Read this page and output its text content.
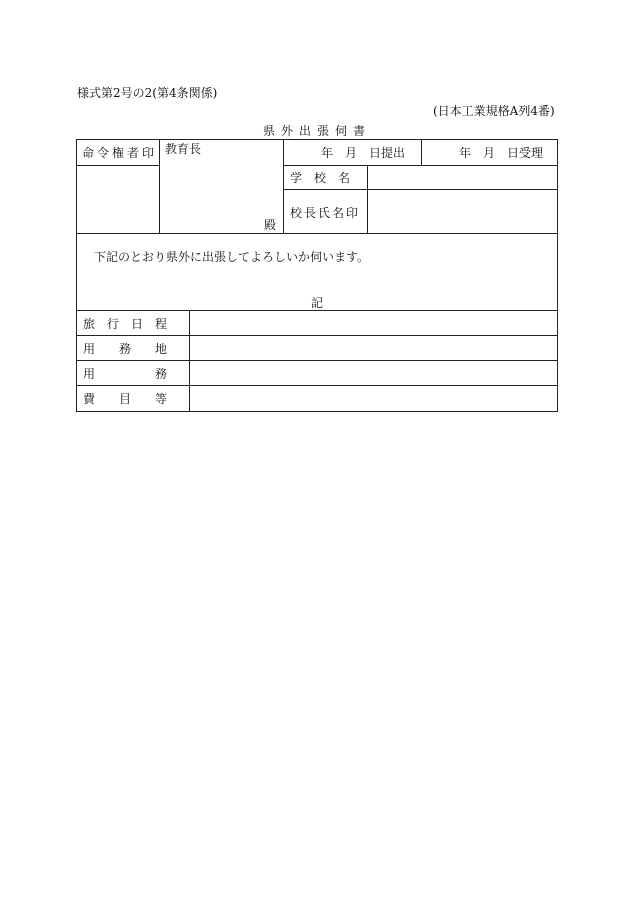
様式第2号の2(第4条関係)
(日本工業規格A列4番)
県外出張伺書
命令権者印 教育長
殿
年 月 日提出	年 月 日受理
学　校　名
校長氏名印
下記のとおり県外に出張してよろしいか伺います。
記
旅　行　日　程
用　　務　　地
用　　　　　務
費　　目　　等
